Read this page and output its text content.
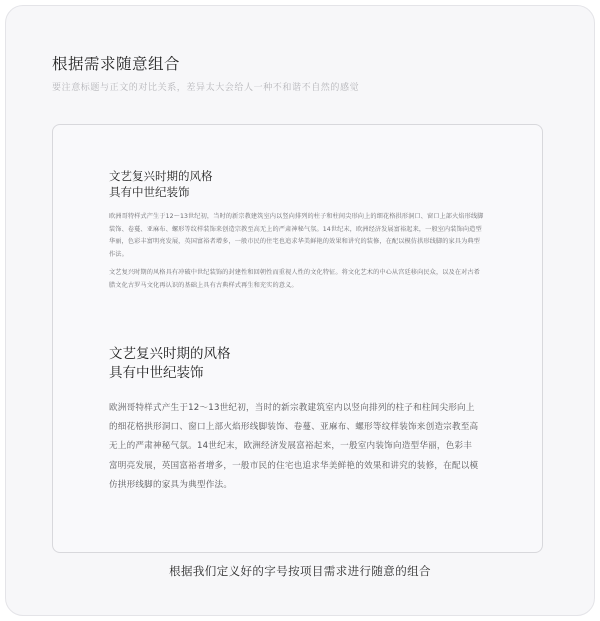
根据需求随意组合
要注意标题与正文的对比关系，差异太大会给人一种不和谐不自然的感觉
文艺复兴时期的风格
具有中世纪装饰

欧洲哥特样式产生于12～13世纪初，当时的新宗教建筑室内以竖向排列的柱子和柱间尖形向上的细花格拱形洞口、窗口上部火焰形线脚装饰、卷蔓、亚麻布、螺形等纹样装饰来创造宗教至高无上的严肃神秘气氛。14世纪末，欧洲经济发展富裕起来，一般室内装饰向造型华丽，色彩丰富明亮发展，英国富裕者增多，一般市民的住宅也追求华美鲜艳的效果和讲究的装修，在配以模仿拱形线脚的家具为典型作法。

文艺复兴时期的风格具有冲破中世纪装饰的封建性和回朝性而重视人性的文化特征。将文化艺术的中心从宫廷移向民众，以及在对古希腊文化古罗马文化再认识的基础上具有古典样式再生和充实的意义。

文艺复兴时期的风格
具有中世纪装饰

欧洲哥特样式产生于12～13世纪初，当时的新宗教建筑室内以竖向排列的柱子和柱间尖形向上的细花格拱形洞口、窗口上部火焰形线脚装饰、卷蔓、亚麻布、螺形等纹样装饰来创造宗教至高无上的严肃神秘气氛。14世纪末，欧洲经济发展富裕起来，一般室内装饰向造型华丽，色彩丰富明亮发展，英国富裕者增多，一般市民的住宅也追求华美鲜艳的效果和讲究的装修，在配以模仿拱形线脚的家具为典型作法。

根据我们定义好的字号按项目需求进行随意的组合
